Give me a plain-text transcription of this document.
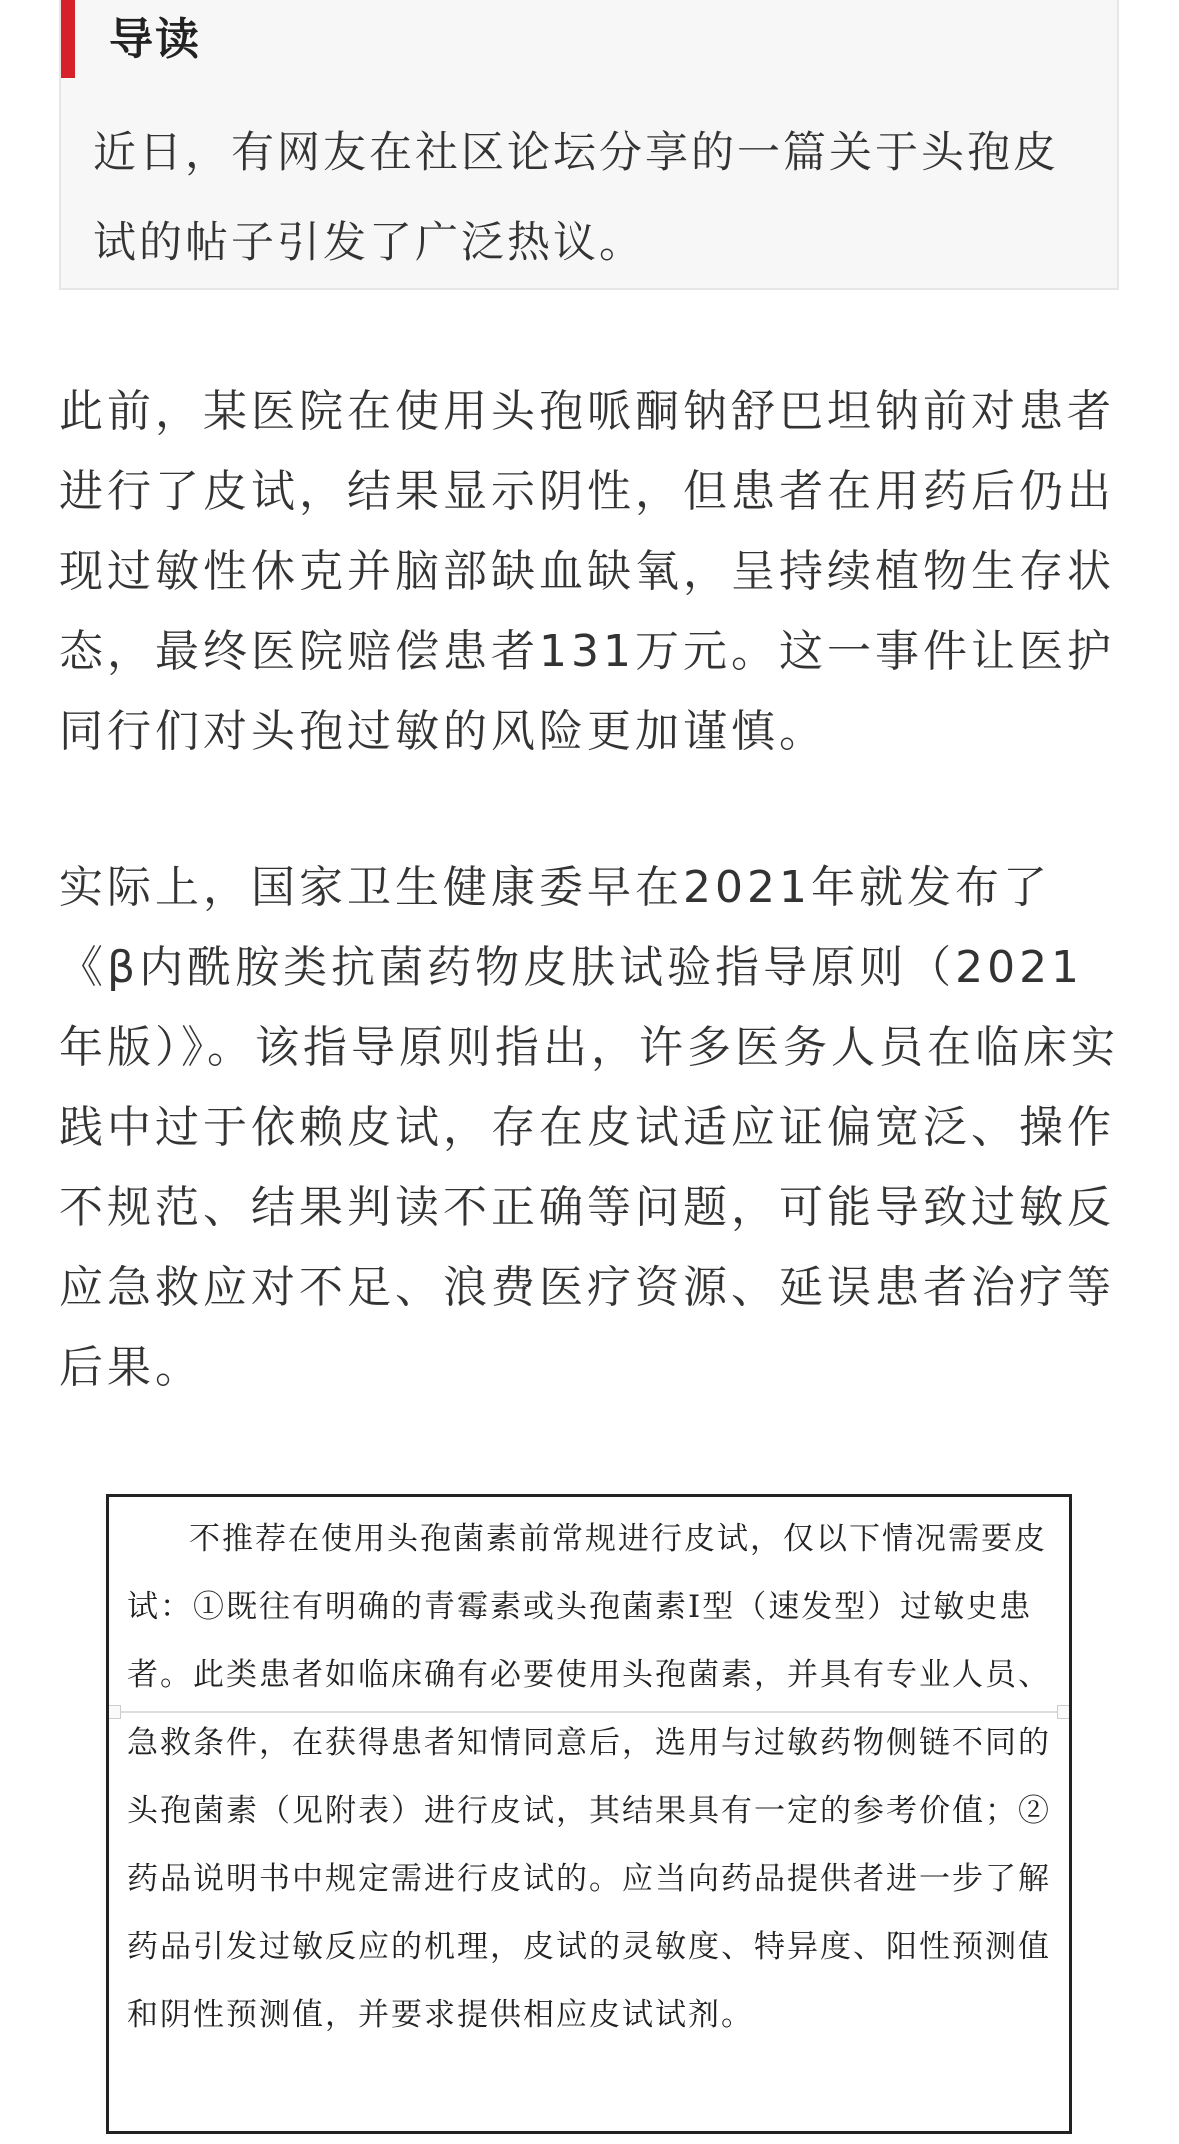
导读
近日，有网友在社区论坛分享的一篇关于头孢皮试的帖子引发了广泛热议。

此前，某医院在使用头孢哌酮钠舒巴坦钠前对患者进行了皮试，结果显示阴性，但患者在用药后仍出现过敏性休克并脑部缺血缺氧，呈持续植物生存状态，最终医院赔偿患者131万元。这一事件让医护同行们对头孢过敏的风险更加谨慎。

实际上，国家卫生健康委早在2021年就发布了《β内酰胺类抗菌药物皮肤试验指导原则（2021年版）》。该指导原则指出，许多医务人员在临床实践中过于依赖皮试，存在皮试适应证偏宽泛、操作不规范、结果判读不正确等问题，可能导致过敏反应急救应对不足、浪费医疗资源、延误患者治疗等后果。

不推荐在使用头孢菌素前常规进行皮试，仅以下情况需要皮试：①既往有明确的青霉素或头孢菌素Ⅰ型（速发型）过敏史患者。此类患者如临床确有必要使用头孢菌素，并具有专业人员、急救条件，在获得患者知情同意后，选用与过敏药物侧链不同的头孢菌素（见附表）进行皮试，其结果具有一定的参考价值；②药品说明书中规定需进行皮试的。应当向药品提供者进一步了解药品引发过敏反应的机理，皮试的灵敏度、特异度、阳性预测值和阴性预测值，并要求提供相应皮试试剂。
